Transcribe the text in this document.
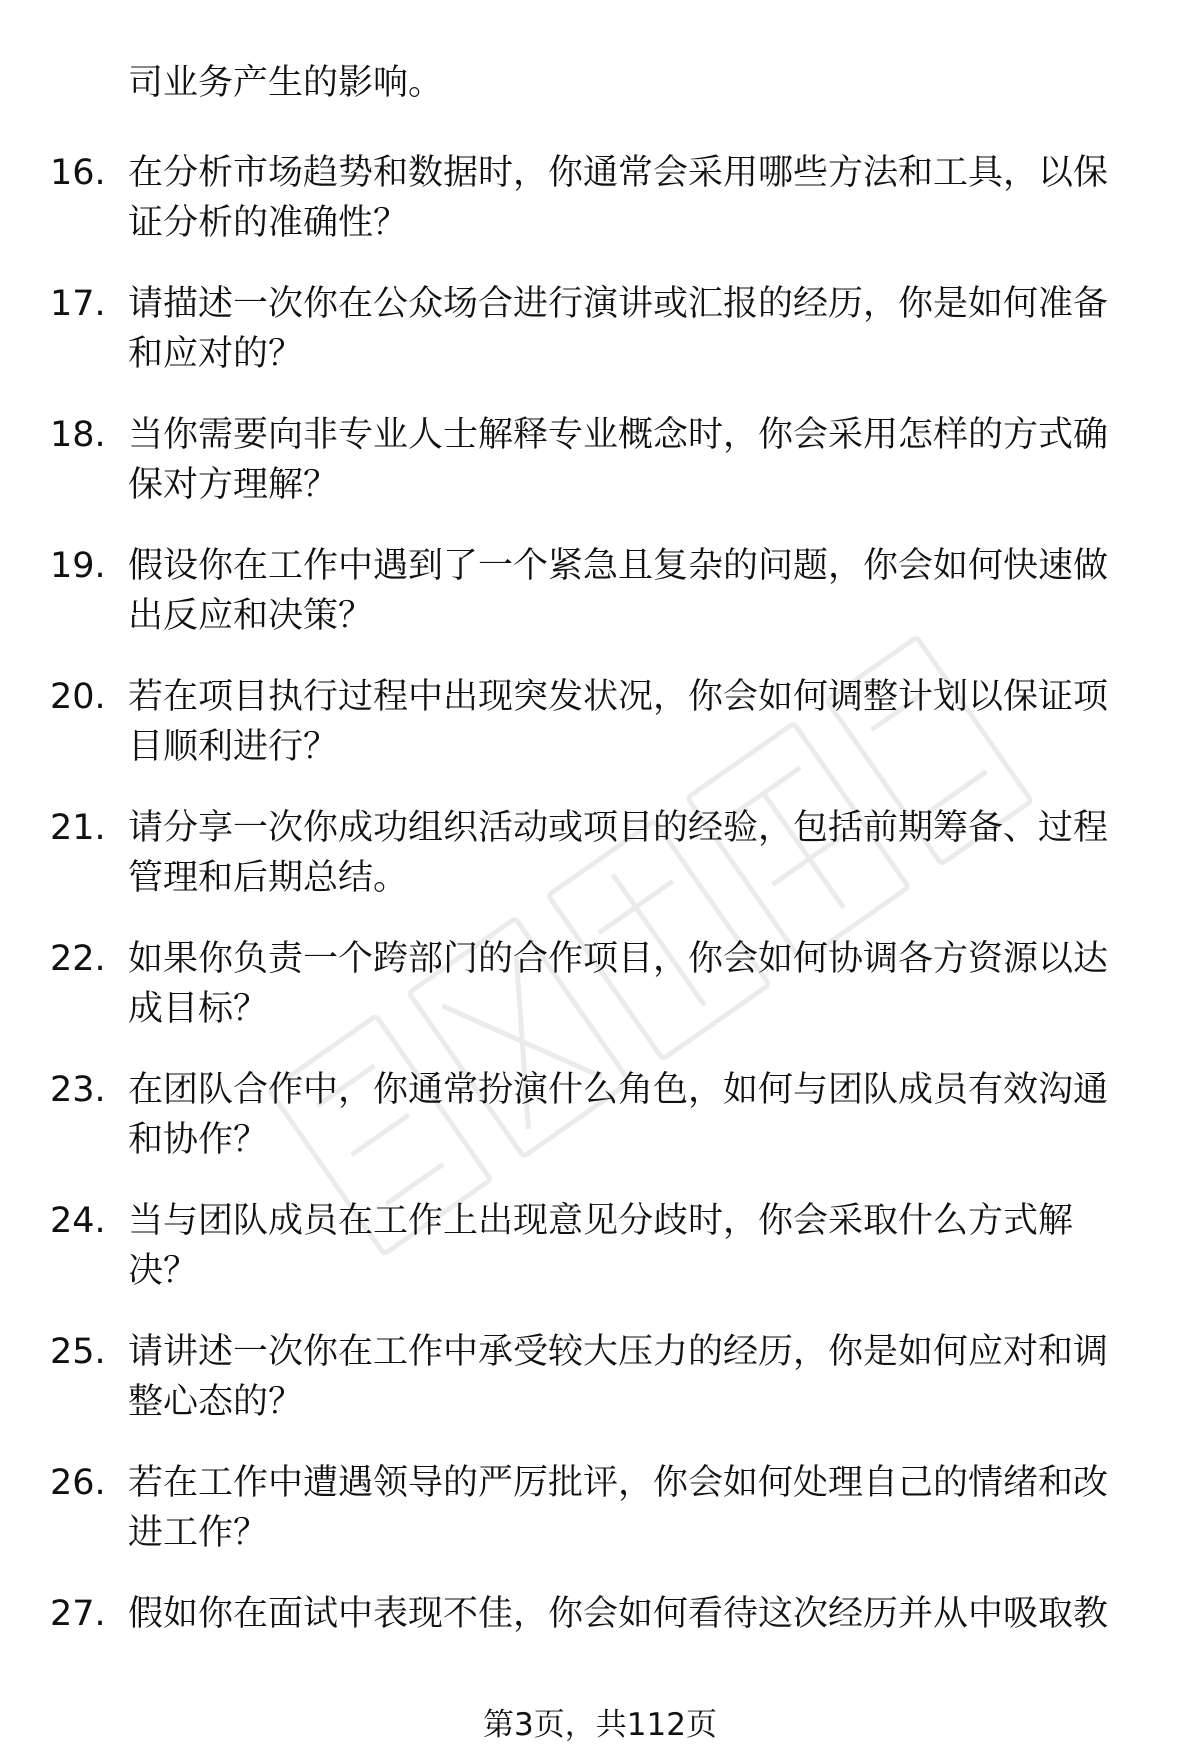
司业务产生的影响。
16. 在分析市场趋势和数据时，你通常会采用哪些方法和工具，以保
证分析的准确性？
17. 请描述一次你在公众场合进行演讲或汇报的经历，你是如何准备
和应对的？
18. 当你需要向非专业人士解释专业概念时，你会采用怎样的方式确
保对方理解？
19. 假设你在工作中遇到了一个紧急且复杂的问题，你会如何快速做
出反应和决策？
20. 若在项目执行过程中出现突发状况，你会如何调整计划以保证项
目顺利进行？
21. 请分享一次你成功组织活动或项目的经验，包括前期筹备、过程
管理和后期总结。
22. 如果你负责一个跨部门的合作项目，你会如何协调各方资源以达
成目标？
23. 在团队合作中，你通常扮演什么角色，如何与团队成员有效沟通
和协作？
24. 当与团队成员在工作上出现意见分歧时，你会采取什么方式解
决？
25. 请讲述一次你在工作中承受较大压力的经历，你是如何应对和调
整心态的？
26. 若在工作中遭遇领导的严厉批评，你会如何处理自己的情绪和改
进工作？
27. 假如你在面试中表现不佳，你会如何看待这次经历并从中吸取教
第3页，共112页
